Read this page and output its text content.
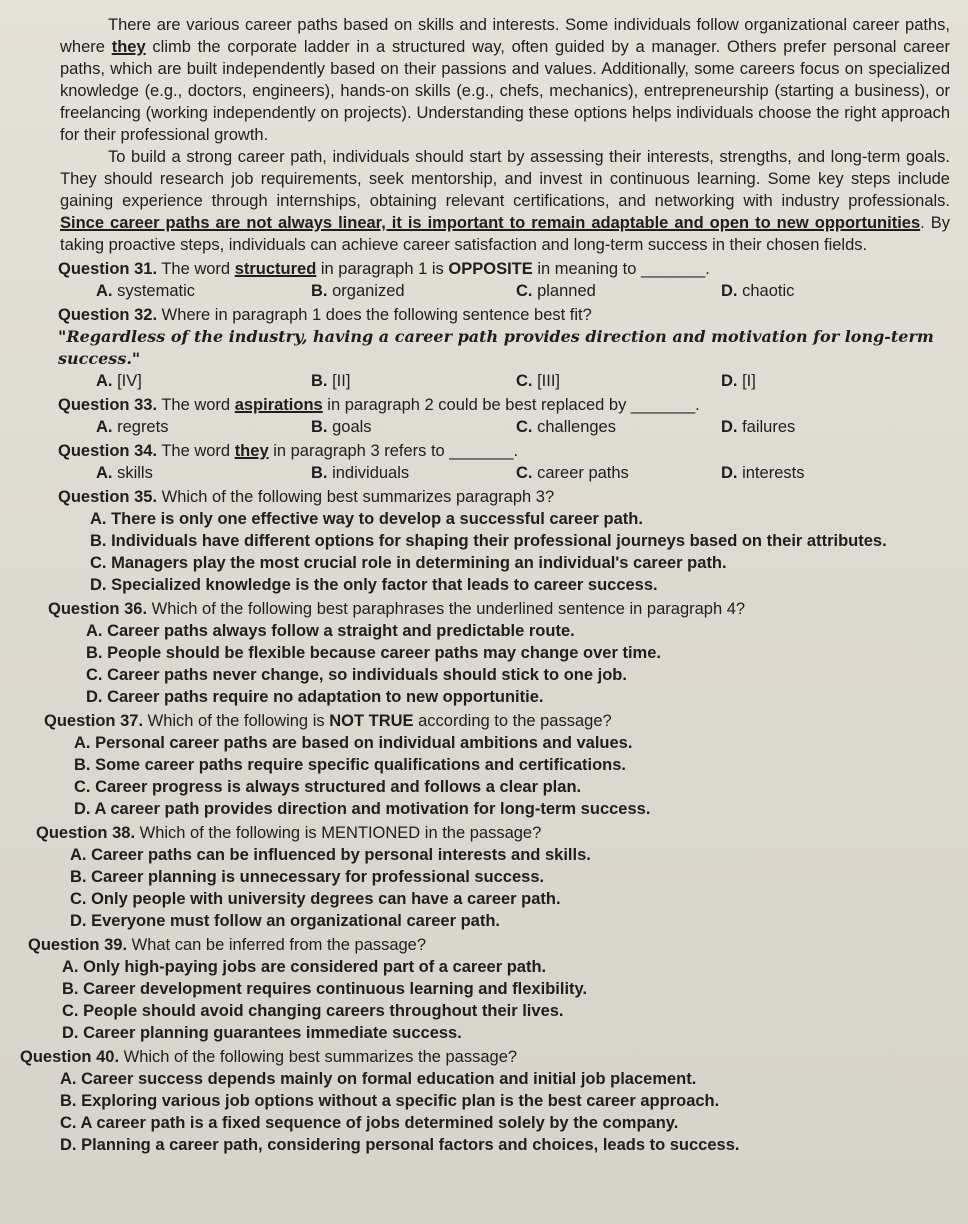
There are various career paths based on skills and interests. Some individuals follow organizational career paths, where they climb the corporate ladder in a structured way, often guided by a manager. Others prefer personal career paths, which are built independently based on their passions and values. Additionally, some careers focus on specialized knowledge (e.g., doctors, engineers), hands-on skills (e.g., chefs, mechanics), entrepreneurship (starting a business), or freelancing (working independently on projects). Understanding these options helps individuals choose the right approach for their professional growth.

To build a strong career path, individuals should start by assessing their interests, strengths, and long-term goals. They should research job requirements, seek mentorship, and invest in continuous learning. Some key steps include gaining experience through internships, obtaining relevant certifications, and networking with industry professionals. Since career paths are not always linear, it is important to remain adaptable and open to new opportunities. By taking proactive steps, individuals can achieve career satisfaction and long-term success in their chosen fields.

Question 31. The word structured in paragraph 1 is OPPOSITE in meaning to _______.
A. systematic	B. organized	C. planned	D. chaotic
Question 32. Where in paragraph 1 does the following sentence best fit?
"Regardless of the industry, having a career path provides direction and motivation for long-term success."
A. [IV]	B. [II]	C. [III]	D. [I]
Question 33. The word aspirations in paragraph 2 could be best replaced by _______.
A. regrets	B. goals	C. challenges	D. failures
Question 34. The word they in paragraph 3 refers to _______.
A. skills	B. individuals	C. career paths	D. interests
Question 35. Which of the following best summarizes paragraph 3?
A. There is only one effective way to develop a successful career path.
B. Individuals have different options for shaping their professional journeys based on their attributes.
C. Managers play the most crucial role in determining an individual's career path.
D. Specialized knowledge is the only factor that leads to career success.
Question 36. Which of the following best paraphrases the underlined sentence in paragraph 4?
A. Career paths always follow a straight and predictable route.
B. People should be flexible because career paths may change over time.
C. Career paths never change, so individuals should stick to one job.
D. Career paths require no adaptation to new opportunitie.
Question 37. Which of the following is NOT TRUE according to the passage?
A. Personal career paths are based on individual ambitions and values.
B. Some career paths require specific qualifications and certifications.
C. Career progress is always structured and follows a clear plan.
D. A career path provides direction and motivation for long-term success.
Question 38. Which of the following is MENTIONED in the passage?
A. Career paths can be influenced by personal interests and skills.
B. Career planning is unnecessary for professional success.
C. Only people with university degrees can have a career path.
D. Everyone must follow an organizational career path.
Question 39. What can be inferred from the passage?
A. Only high-paying jobs are considered part of a career path.
B. Career development requires continuous learning and flexibility.
C. People should avoid changing careers throughout their lives.
D. Career planning guarantees immediate success.
Question 40. Which of the following best summarizes the passage?
A. Career success depends mainly on formal education and initial job placement.
B. Exploring various job options without a specific plan is the best career approach.
C. A career path is a fixed sequence of jobs determined solely by the company.
D. Planning a career path, considering personal factors and choices, leads to success.
